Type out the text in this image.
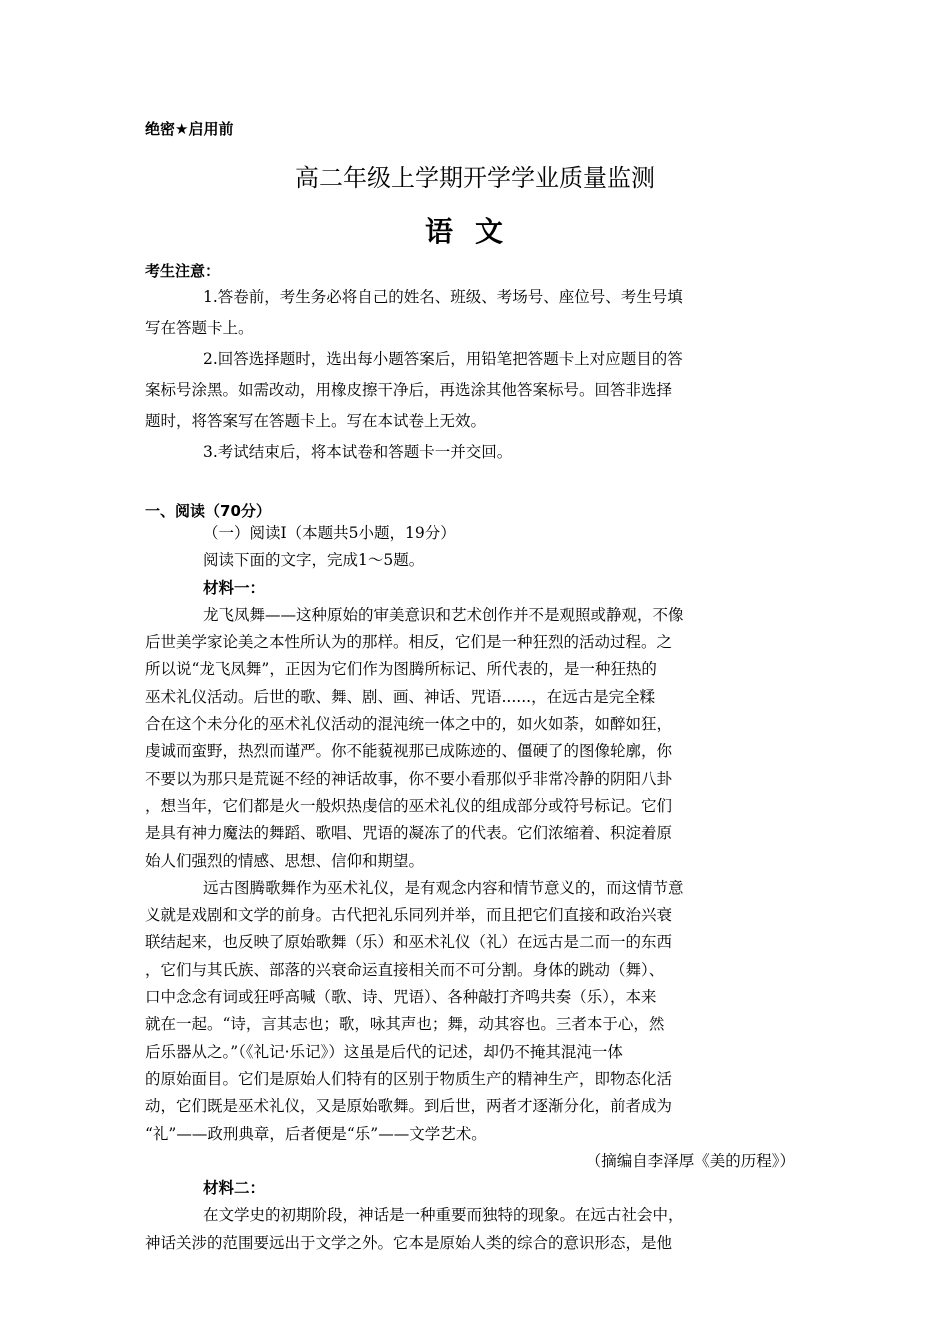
绝密★启用前
高二年级上学期开学学业质量监测
语文
考生注意：

1.答卷前，考生务必将自己的姓名、班级、考场号、座位号、考生号填

写在答题卡上。

2.回答选择题时，选出每小题答案后，用铅笔把答题卡上对应题目的答

案标号涂黑。如需改动，用橡皮擦干净后，再选涂其他答案标号。回答非选择

题时，将答案写在答题卡上。写在本试卷上无效。

3.考试结束后，将本试卷和答题卡一并交回。

一、阅读（70分）

（一）阅读Ⅰ（本题共5小题，19分）

阅读下面的文字，完成1～5题。

材料一：

龙飞凤舞——这种原始的审美意识和艺术创作并不是观照或静观，不像

后世美学家论美之本性所认为的那样。相反，它们是一种狂烈的活动过程。之

所以说“龙飞凤舞”，正因为它们作为图腾所标记、所代表的，是一种狂热的

巫术礼仪活动。后世的歌、舞、剧、画、神话、咒语......，在远古是完全糅

合在这个未分化的巫术礼仪活动的混沌统一体之中的，如火如荼，如醉如狂，

虔诚而蛮野，热烈而谨严。你不能藐视那已成陈迹的、僵硬了的图像轮廓，你

不要以为那只是荒诞不经的神话故事，你不要小看那似乎非常冷静的阴阳八卦

，想当年，它们都是火一般炽热虔信的巫术礼仪的组成部分或符号标记。它们

是具有神力魔法的舞蹈、歌唱、咒语的凝冻了的代表。它们浓缩着、积淀着原

始人们强烈的情感、思想、信仰和期望。

远古图腾歌舞作为巫术礼仪，是有观念内容和情节意义的，而这情节意

义就是戏剧和文学的前身。古代把礼乐同列并举，而且把它们直接和政治兴衰

联结起来，也反映了原始歌舞（乐）和巫术礼仪（礼）在远古是二而一的东西

，它们与其氏族、部落的兴衰命运直接相关而不可分割。身体的跳动（舞）、

口中念念有词或狂呼高喊（歌、诗、咒语）、各种敲打齐鸣共奏（乐），本来

就在一起。“诗，言其志也；歌，咏其声也；舞，动其容也。三者本于心，然

后乐器从之。”（《礼记·乐记》）这虽是后代的记述，却仍不掩其混沌一体

的原始面目。它们是原始人们特有的区别于物质生产的精神生产，即物态化活

动，它们既是巫术礼仪，又是原始歌舞。到后世，两者才逐渐分化，前者成为

“礼”——政刑典章，后者便是“乐”——文学艺术。

（摘编自李泽厚《美的历程》）

材料二：

在文学史的初期阶段，神话是一种重要而独特的现象。在远古社会中，

神话关涉的范围要远出于文学之外。它本是原始人类的综合的意识形态，是他
